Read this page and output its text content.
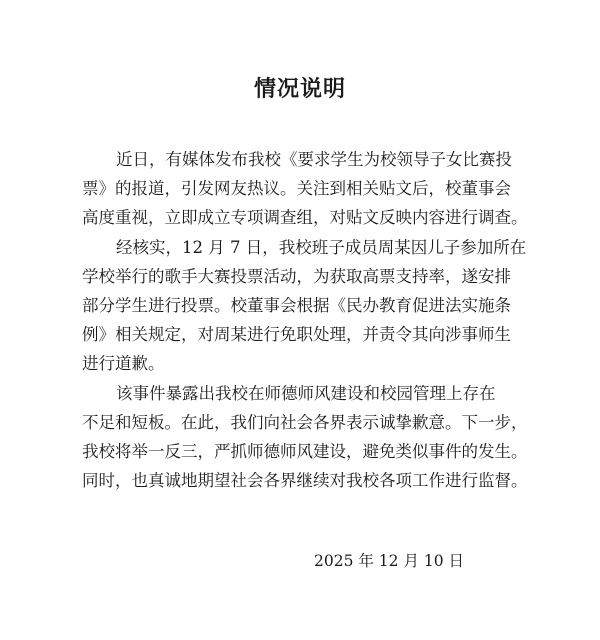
情况说明
近日，有媒体发布我校《要求学生为校领导子女比赛投
票》的报道，引发网友热议。关注到相关贴文后，校董事会
高度重视，立即成立专项调查组，对贴文反映内容进行调查。
经核实，12 月 7 日，我校班子成员周某因儿子参加所在
学校举行的歌手大赛投票活动，为获取高票支持率，遂安排
部分学生进行投票。校董事会根据《民办教育促进法实施条
例》相关规定，对周某进行免职处理，并责令其向涉事师生
进行道歉。
该事件暴露出我校在师德师风建设和校园管理上存在
不足和短板。在此，我们向社会各界表示诚挚歉意。下一步，
我校将举一反三，严抓师德师风建设，避免类似事件的发生。
同时，也真诚地期望社会各界继续对我校各项工作进行监督。
2025 年 12 月 10 日
